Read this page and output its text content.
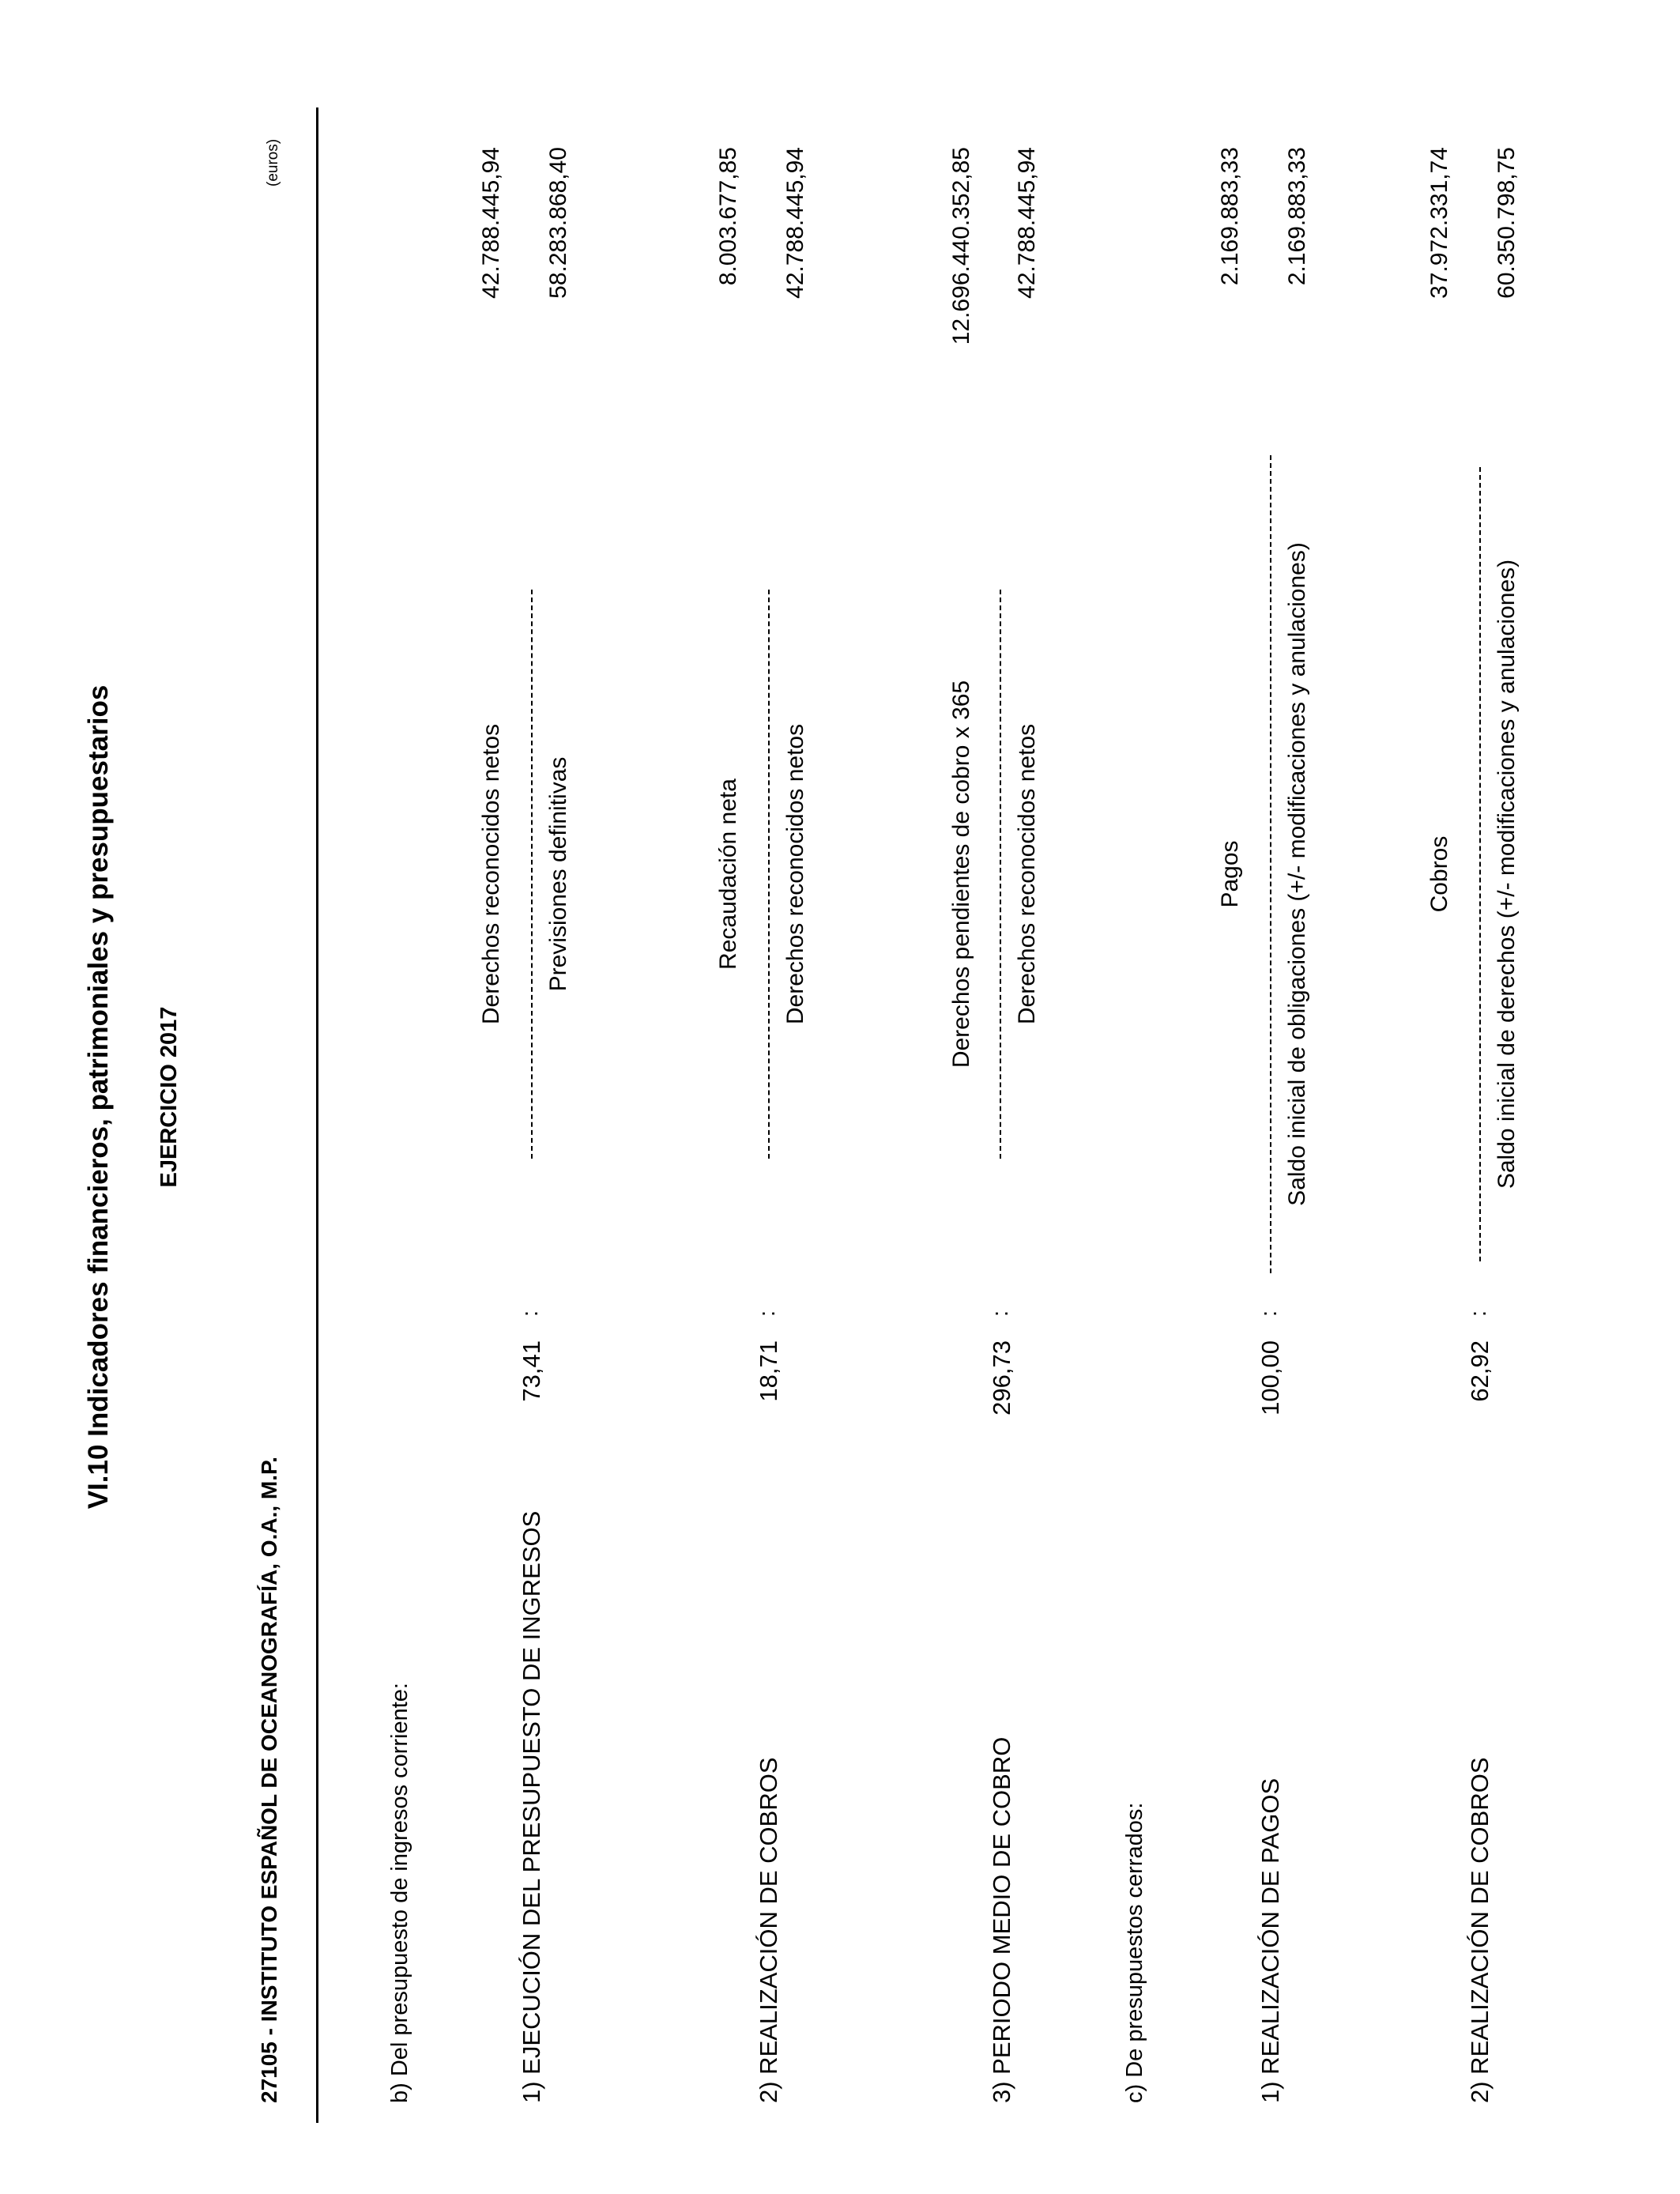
VI.10 Indicadores financieros, patrimoniales y presupuestarios EJERCICIO 2017
27105 - INSTITUTO ESPAÑOL DE OCEANOGRAFÍA, O.A., M.P.
(euros)
b) Del presupuesto de ingresos corriente:	1) EJECUCIÓN DEL PRESUPUESTO DE INGRESOS
73,41
:
Derechos reconocidos netos Previsiones definitivas
42.788.445,94 58.283.868,40
2) REALIZACIÓN DE COBROS
18,71
:
Recaudación neta Derechos reconocidos netos
8.003.677,85 42.788.445,94
3) PERIODO MEDIO DE COBRO
296,73
:
Derechos pendientes de cobro x 365 Derechos reconocidos netos
12.696.440.352,85 42.788.445,94
c) De presupuestos cerrados:	1) REALIZACIÓN DE PAGOS
100,00
:
Pagos Saldo inicial de obligaciones (+/- modificaciones y anulaciones)
2.169.883,33 2.169.883,33
2) REALIZACIÓN DE COBROS
62,92
:
Cobros Saldo inicial de derechos (+/- modificaciones y anulaciones)
37.972.331,74 60.350.798,75
